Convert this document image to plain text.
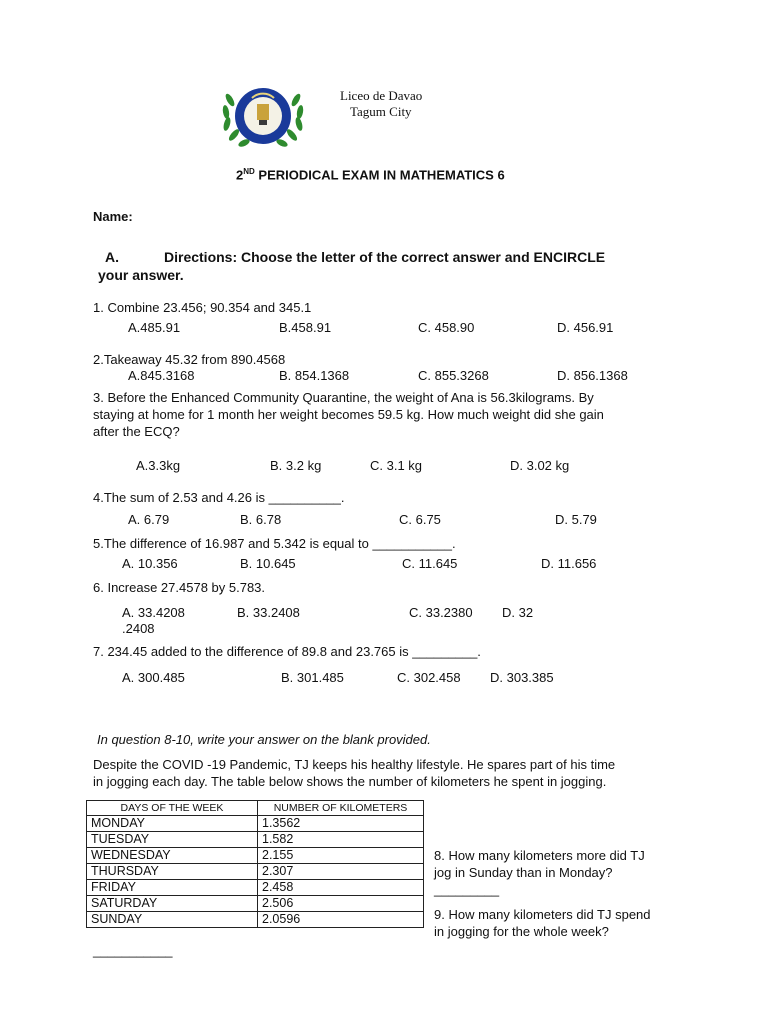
Liceo de Davao
Tagum City
2ND PERIODICAL EXAM IN MATHEMATICS 6
Name:
A.	Directions: Choose the letter of the correct answer and ENCIRCLE
your answer.
1. Combine 23.456; 90.354 and 345.1
A.485.91	B.458.91	C. 458.90	D. 456.91
2.Takeaway 45.32 from 890.4568
A.845.3168	B. 854.1368	C. 855.3268	D. 856.1368
3. Before the Enhanced Community Quarantine, the weight of Ana is 56.3kilograms. By
staying at home for 1 month her weight becomes 59.5 kg. How much weight did she gain
after the ECQ?
A.3.3kg	B. 3.2 kg	C. 3.1 kg	D. 3.02 kg
4.The sum of 2.53 and 4.26 is __________.
A. 6.79	B. 6.78	C. 6.75	D. 5.79
5.The difference of 16.987 and 5.342 is equal to ___________.
A. 10.356	B. 10.645	C. 11.645	D. 11.656
6. Increase 27.4578 by 5.783.
A. 33.4208	B. 33.2408	C. 33.2380 D. 32
.2408
7. 234.45 added to the difference of 89.8 and 23.765 is _________.
A. 300.485	B. 301.485	C. 302.458 D. 303.385
In question 8-10, write your answer on the blank provided.
Despite the COVID -19 Pandemic, TJ keeps his healthy lifestyle. He spares part of his time
in jogging each day. The table below shows the number of kilometers he spent in jogging.
DAYS OF THE WEEK	NUMBER OF KILOMETERS
MONDAY	1.3562
TUESDAY	1.582
WEDNESDAY	2.155
THURSDAY	2.307
FRIDAY	2.458
SATURDAY	2.506
SUNDAY	2.0596
8. How many kilometers more did TJ
jog in Sunday than in Monday?
_________
9. How many kilometers did TJ spend
in jogging for the whole week?
___________
